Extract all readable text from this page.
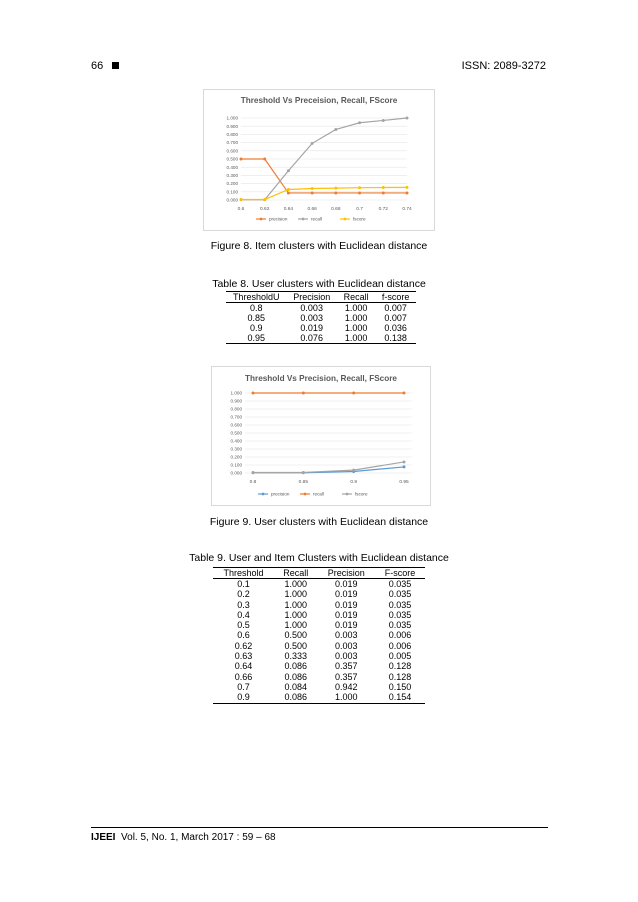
66	ISSN: 2089-3272
Threshold Vs Preceision, Recall, FScore
0.000
0.100
0.200
0.300
0.400
0.500
0.600
0.700
0.800
0.900
1.000
0.6	0.62	0.64	0.66	0.68	0.7	0.72	0.74
precision	recall	fscore
Figure 8. Item clusters with Euclidean distance
Table 8. User clusters with Euclidean distance
ThresholdU	Precision	Recall	f-score
0.8	0.003	1.000	0.007
0.85	0.003	1.000	0.007
0.9	0.019	1.000	0.036
0.95	0.076	1.000	0.138
Threshold Vs Precision, Recall, FScore
0.000
0.100
0.200
0.300
0.400
0.500
0.600
0.700
0.800
0.900
1.000
0.8	0.85	0.9	0.95
precision	recall	fscore
Figure 9. User clusters with Euclidean distance
Table 9. User and Item Clusters with Euclidean distance
Threshold	Recall	Precision	F-score
0.1	1.000	0.019	0.035
0.2	1.000	0.019	0.035
0.3	1.000	0.019	0.035
0.4	1.000	0.019	0.035
0.5	1.000	0.019	0.035
0.6	0.500	0.003	0.006
0.62	0.500	0.003	0.006
0.63	0.333	0.003	0.005
0.64	0.086	0.357	0.128
0.66	0.086	0.357	0.128
0.7	0.084	0.942	0.150
0.9	0.086	1.000	0.154
IJEEI Vol. 5, No. 1, March 2017 : 59 – 68
